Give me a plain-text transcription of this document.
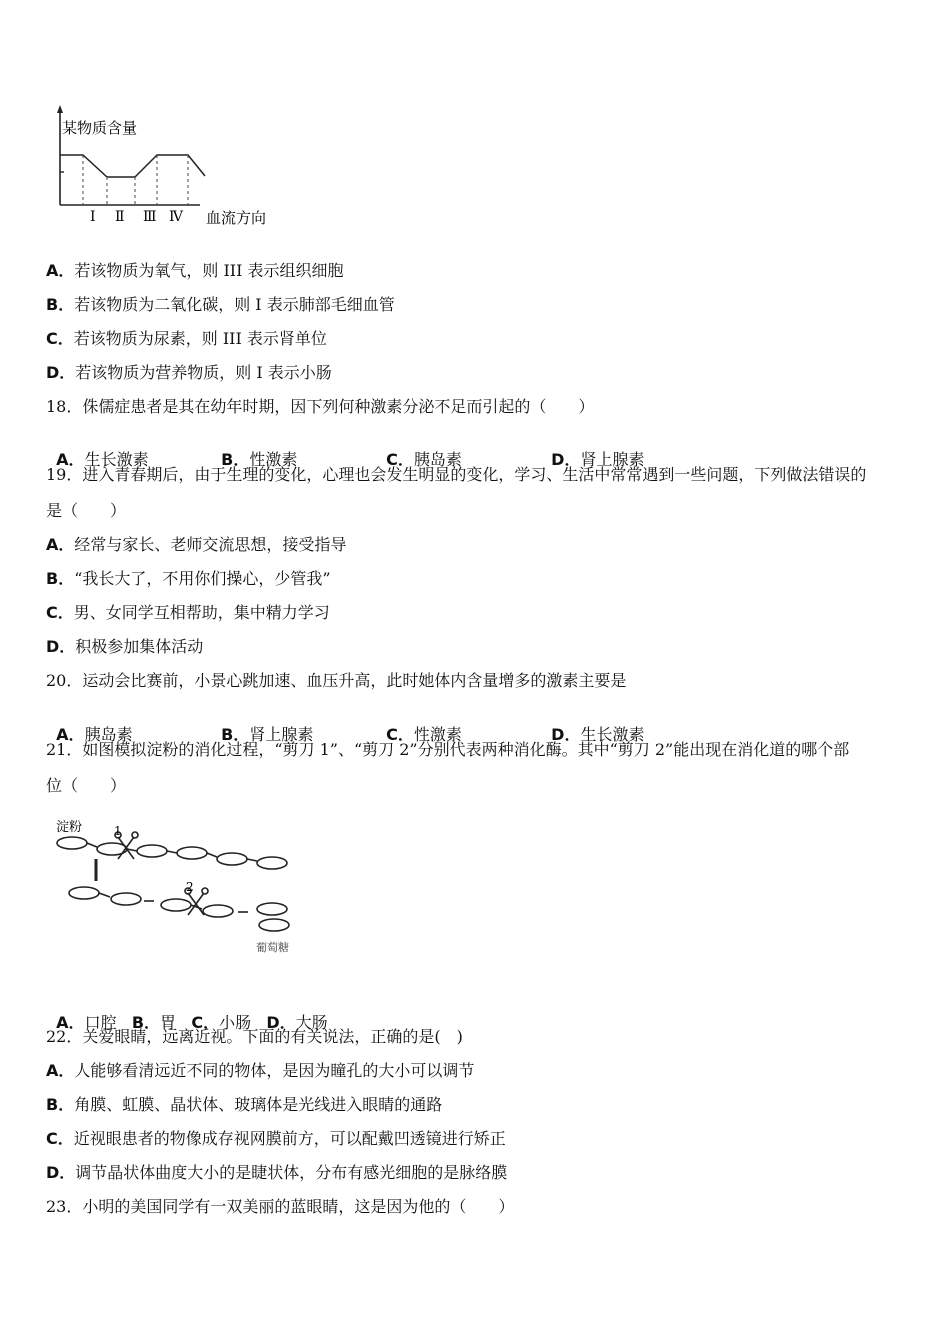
某物质含量
Ⅰ Ⅱ Ⅲ Ⅳ 血流方向
A．若该物质为氧气，则 III 表示组织细胞
B．若该物质为二氧化碳，则 I 表示肺部毛细血管
C．若该物质为尿素，则 III 表示肾单位
D．若该物质为营养物质，则 I 表示小肠
18．侏儒症患者是其在幼年时期，因下列何种激素分泌不足而引起的（　　）

A．生长激素	B．性激素	C．胰岛素	D．肾上腺素

19．进入青春期后，由于生理的变化，心理也会发生明显的变化，学习、生活中常常遇到一些问题，下列做法错误的
是（　　）
A．经常与家长、老师交流思想，接受指导
B．“我长大了，不用你们操心，少管我”
C．男、女同学互相帮助，集中精力学习
D．积极参加集体活动
20．运动会比赛前，小景心跳加速、血压升高，此时她体内含量增多的激素主要是

A．胰岛素	B．肾上腺素	C．性激素	D．生长激素

21．如图模拟淀粉的消化过程，“剪刀 1”、“剪刀 2”分别代表两种消化酶。其中“剪刀 2”能出现在消化道的哪个部
位（　　）
淀粉	1
2
葡萄糖

A．口腔 B．胃 C．小肠 D．大肠

22．关爱眼睛，远离近视。下面的有关说法，正确的是(　)
A．人能够看清远近不同的物体，是因为瞳孔的大小可以调节
B．角膜、虹膜、晶状体、玻璃体是光线进入眼睛的通路
C．近视眼患者的物像成存视网膜前方，可以配戴凹透镜进行矫正
D．调节晶状体曲度大小的是睫状体，分布有感光细胞的是脉络膜
23．小明的美国同学有一双美丽的蓝眼睛，这是因为他的（　　）
